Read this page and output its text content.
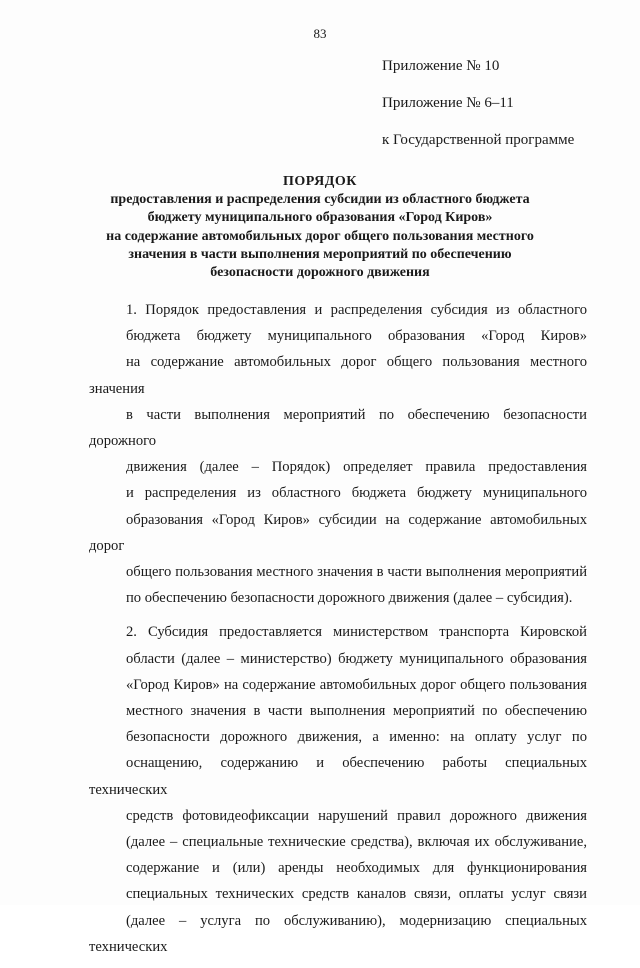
83
Приложение № 10
Приложение № 6–11
к Государственной программе
ПОРЯДОК
предоставления и распределения субсидии из областного бюджета
бюджету муниципального образования «Город Киров»
на содержание автомобильных дорог общего пользования местного
значения в части выполнения мероприятий по обеспечению
безопасности дорожного движения

1. Порядок предоставления и распределения субсидия из областного
бюджета бюджету муниципального образования «Город Киров»
на содержание автомобильных дорог общего пользования местного значения
в части выполнения мероприятий по обеспечению безопасности дорожного
движения (далее – Порядок) определяет правила предоставления
и распределения из областного бюджета бюджету муниципального
образования «Город Киров» субсидии на содержание автомобильных дорог
общего пользования местного значения в части выполнения мероприятий
по обеспечению безопасности дорожного движения (далее – субсидия).

2. Субсидия предоставляется министерством транспорта Кировской
области (далее – министерство) бюджету муниципального образования
«Город Киров» на содержание автомобильных дорог общего пользования
местного значения в части выполнения мероприятий по обеспечению
безопасности дорожного движения, а именно: на оплату услуг по
оснащению, содержанию и обеспечению работы специальных технических
средств фотовидеофиксации нарушений правил дорожного движения
(далее – специальные технические средства), включая их обслуживание,
содержание и (или) аренды необходимых для функционирования
специальных технических средств каналов связи, оплаты услуг связи
(далее – услуга по обслуживанию), модернизацию специальных технических
